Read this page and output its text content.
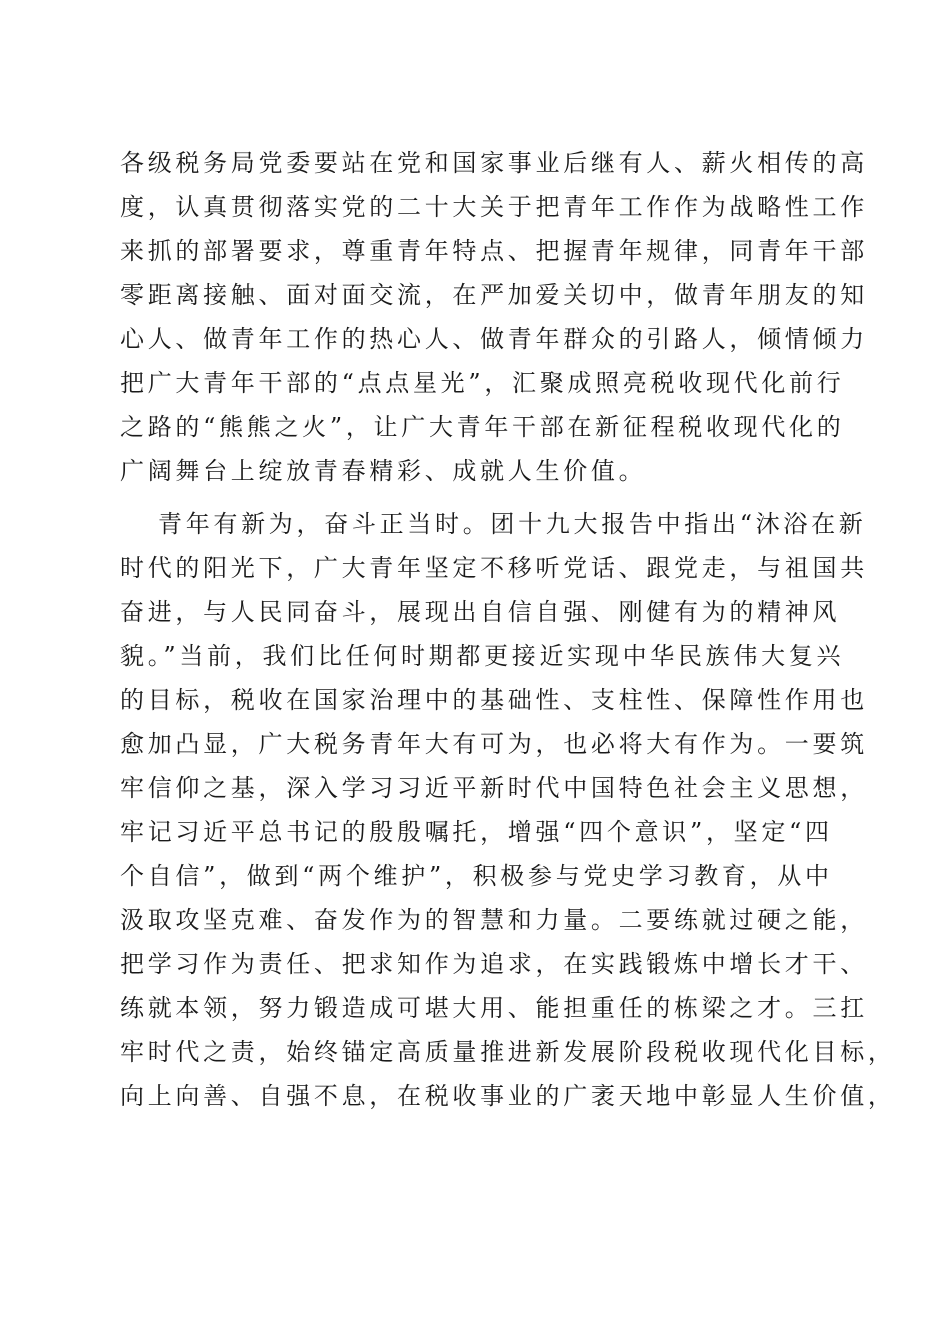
各级税务局党委要站在党和国家事业后继有人、薪火相传的高
度，认真贯彻落实党的二十大关于把青年工作作为战略性工作
来抓的部署要求，尊重青年特点、把握青年规律，同青年干部
零距离接触、面对面交流，在严加爱关切中，做青年朋友的知
心人、做青年工作的热心人、做青年群众的引路人，倾情倾力
把广大青年干部的“点点星光”，汇聚成照亮税收现代化前行
之路的“熊熊之火”，让广大青年干部在新征程税收现代化的
广阔舞台上绽放青春精彩、成就人生价值。
青年有新为，奋斗正当时。团十九大报告中指出“沐浴在新
时代的阳光下，广大青年坚定不移听党话、跟党走，与祖国共
奋进，与人民同奋斗，展现出自信自强、刚健有为的精神风
貌。”当前，我们比任何时期都更接近实现中华民族伟大复兴
的目标，税收在国家治理中的基础性、支柱性、保障性作用也
愈加凸显，广大税务青年大有可为，也必将大有作为。一要筑
牢信仰之基，深入学习习近平新时代中国特色社会主义思想，
牢记习近平总书记的殷殷嘱托，增强“四个意识”，坚定“四
个自信”，做到“两个维护”，积极参与党史学习教育，从中
汲取攻坚克难、奋发作为的智慧和力量。二要练就过硬之能，
把学习作为责任、把求知作为追求，在实践锻炼中增长才干、
练就本领，努力锻造成可堪大用、能担重任的栋梁之才。三扛
牢时代之责，始终锚定高质量推进新发展阶段税收现代化目标，
向上向善、自强不息，在税收事业的广袤天地中彰显人生价值，
